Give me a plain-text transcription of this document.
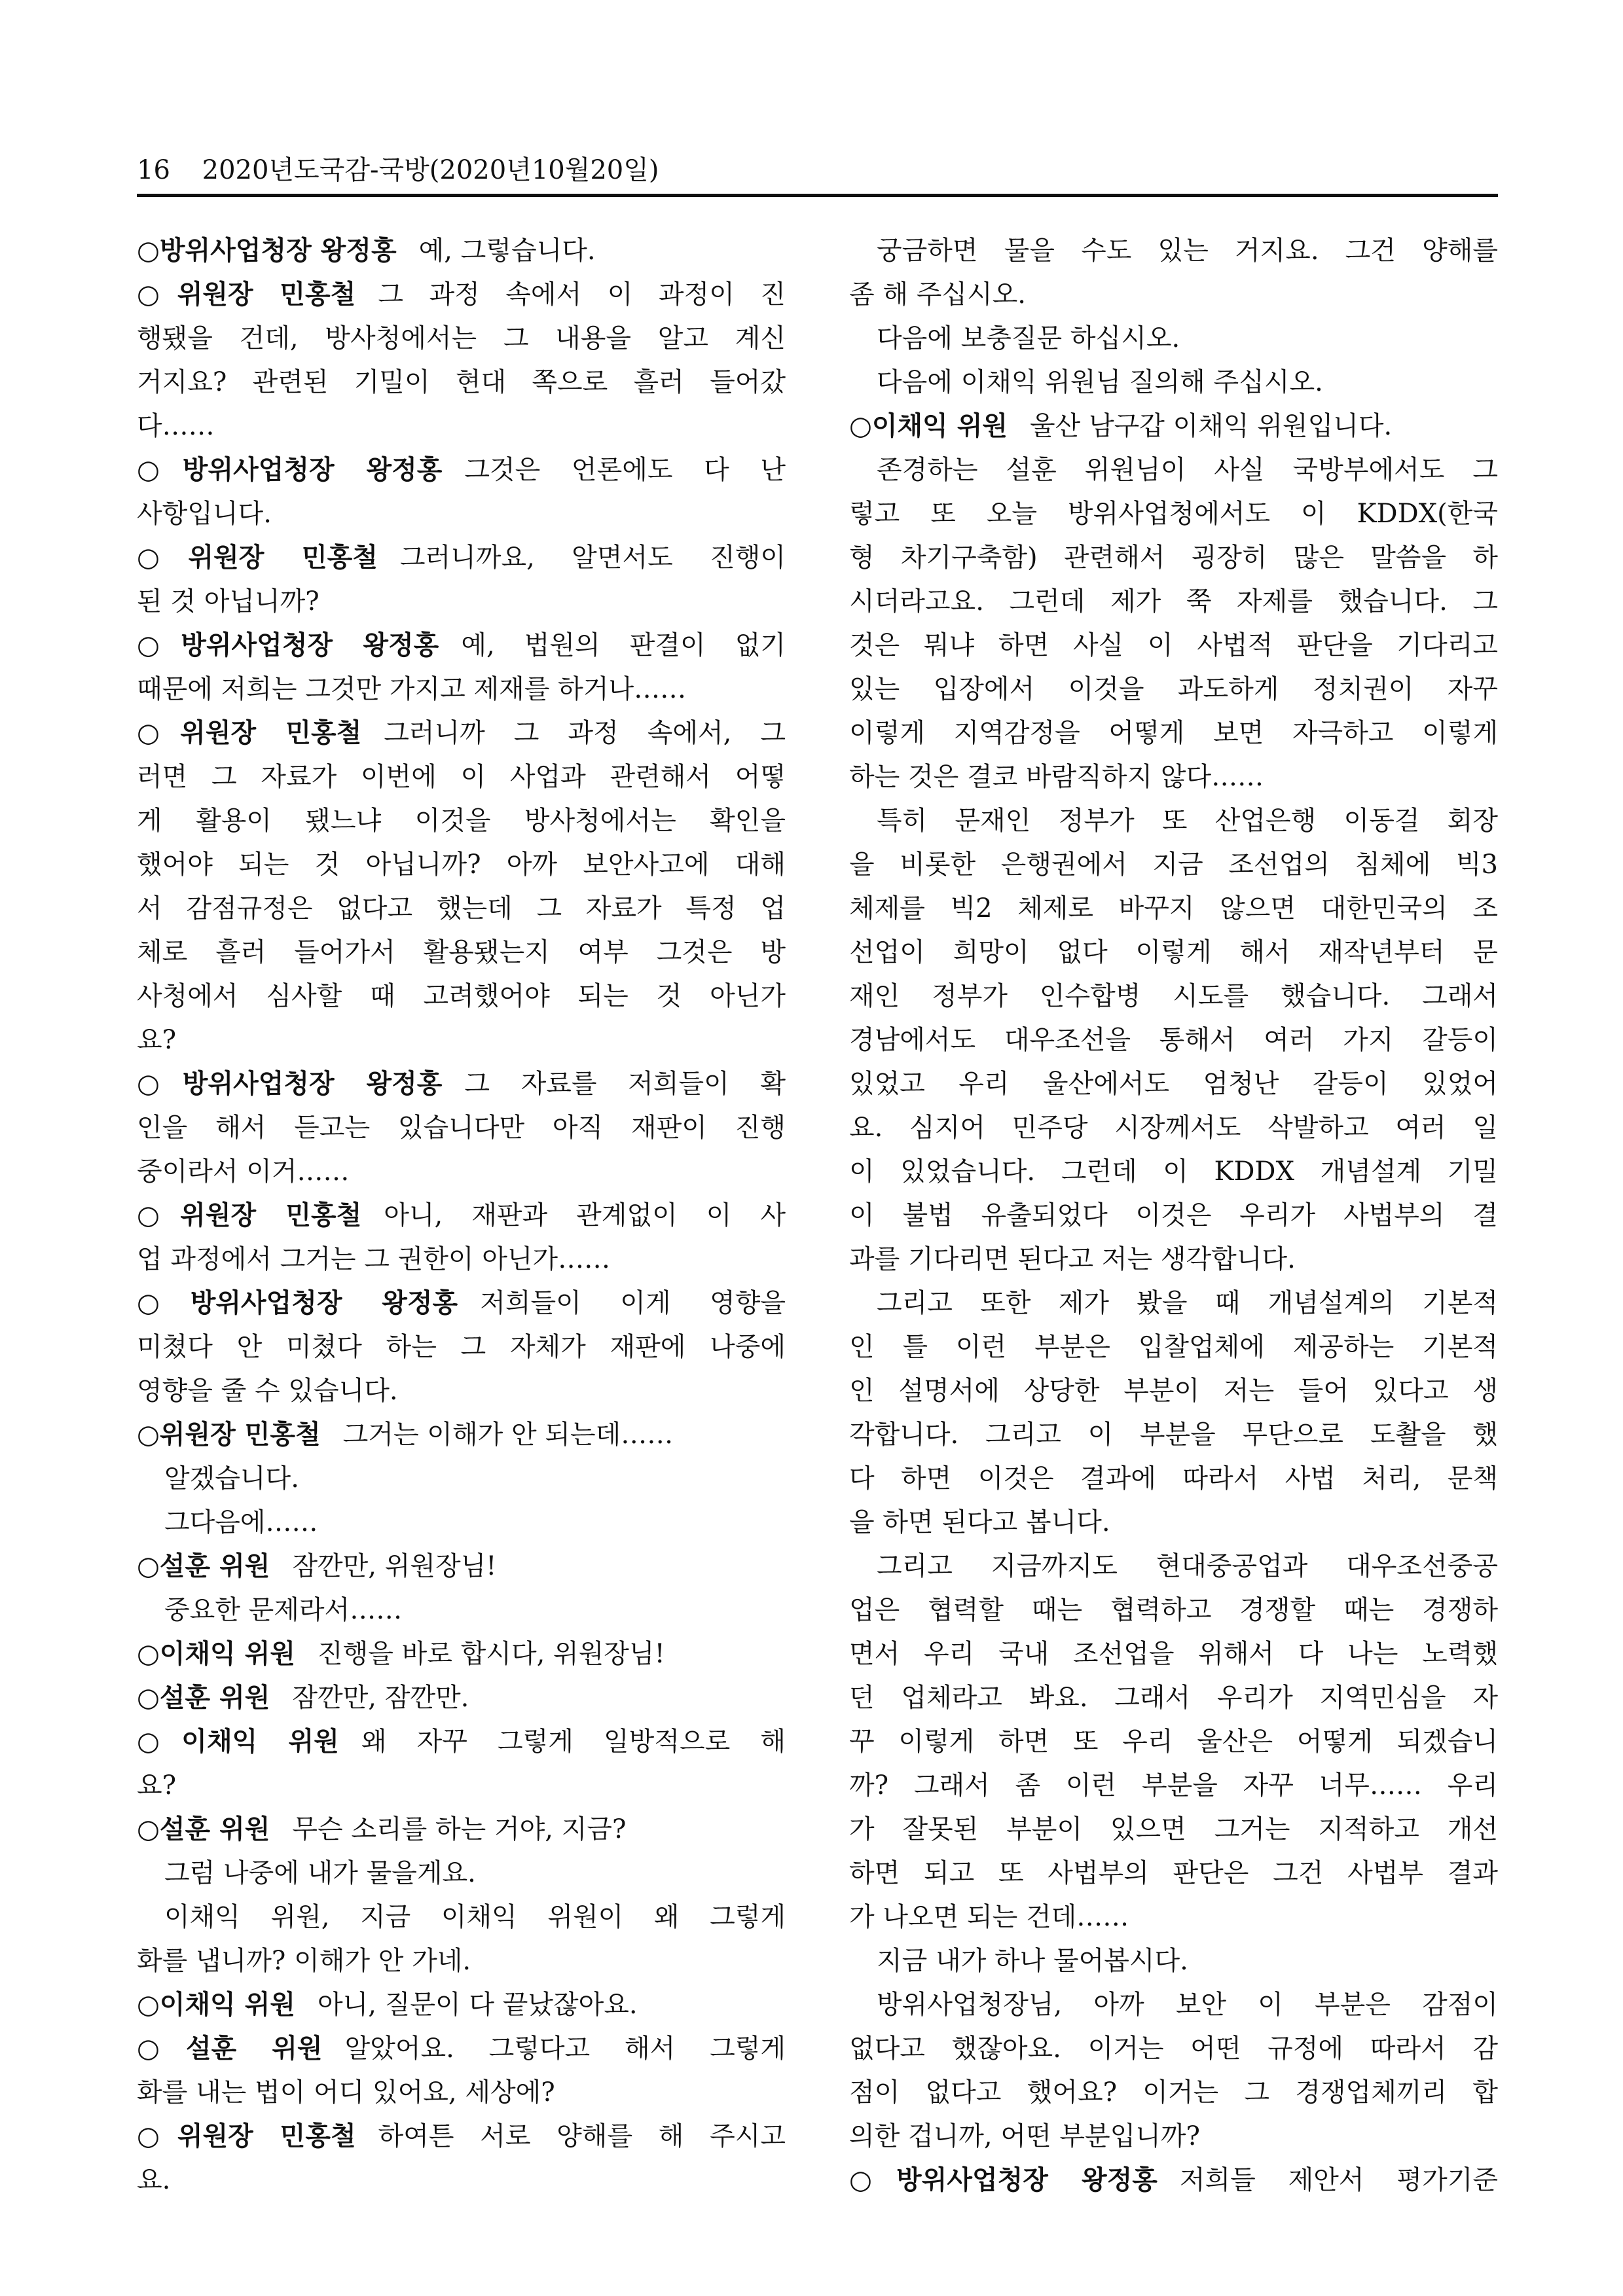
16 2020년도국감-국방(2020년10월20일)
○방위사업청장 왕정홍 예, 그렇습니다.
○위원장 민홍철 그 과정 속에서 이 과정이 진
행됐을 건데, 방사청에서는 그 내용을 알고 계신
거지요? 관련된 기밀이 현대 쪽으로 흘러 들어갔
다……
○방위사업청장 왕정홍 그것은 언론에도 다 난
사항입니다.
○위원장 민홍철 그러니까요, 알면서도 진행이
된 것 아닙니까?
○방위사업청장 왕정홍 예, 법원의 판결이 없기
때문에 저희는 그것만 가지고 제재를 하거나……
○위원장 민홍철 그러니까 그 과정 속에서, 그
러면 그 자료가 이번에 이 사업과 관련해서 어떻
게 활용이 됐느냐 이것을 방사청에서는 확인을
했어야 되는 것 아닙니까? 아까 보안사고에 대해
서 감점규정은 없다고 했는데 그 자료가 특정 업
체로 흘러 들어가서 활용됐는지 여부 그것은 방
사청에서 심사할 때 고려했어야 되는 것 아닌가
요?
○방위사업청장 왕정홍 그 자료를 저희들이 확
인을 해서 듣고는 있습니다만 아직 재판이 진행
중이라서 이거……
○위원장 민홍철 아니, 재판과 관계없이 이 사
업 과정에서 그거는 그 권한이 아닌가……
○방위사업청장 왕정홍 저희들이 이게 영향을
미쳤다 안 미쳤다 하는 그 자체가 재판에 나중에
영향을 줄 수 있습니다.
○위원장 민홍철 그거는 이해가 안 되는데……
알겠습니다.
그다음에……
○설훈 위원 잠깐만, 위원장님!
중요한 문제라서……
○이채익 위원 진행을 바로 합시다, 위원장님!
○설훈 위원 잠깐만, 잠깐만.
○이채익 위원 왜 자꾸 그렇게 일방적으로 해
요?
○설훈 위원 무슨 소리를 하는 거야, 지금?
그럼 나중에 내가 물을게요.
이채익 위원, 지금 이채익 위원이 왜 그렇게
화를 냅니까? 이해가 안 가네.
○이채익 위원 아니, 질문이 다 끝났잖아요.
○설훈 위원 알았어요. 그렇다고 해서 그렇게
화를 내는 법이 어디 있어요, 세상에?
○위원장 민홍철 하여튼 서로 양해를 해 주시고
요.
궁금하면 물을 수도 있는 거지요. 그건 양해를
좀 해 주십시오.
다음에 보충질문 하십시오.
다음에 이채익 위원님 질의해 주십시오.
○이채익 위원 울산 남구갑 이채익 위원입니다.
존경하는 설훈 위원님이 사실 국방부에서도 그
렇고 또 오늘 방위사업청에서도 이 KDDX(한국
형 차기구축함) 관련해서 굉장히 많은 말씀을 하
시더라고요. 그런데 제가 쭉 자제를 했습니다. 그
것은 뭐냐 하면 사실 이 사법적 판단을 기다리고
있는 입장에서 이것을 과도하게 정치권이 자꾸
이렇게 지역감정을 어떻게 보면 자극하고 이렇게
하는 것은 결코 바람직하지 않다……
특히 문재인 정부가 또 산업은행 이동걸 회장
을 비롯한 은행권에서 지금 조선업의 침체에 빅3
체제를 빅2 체제로 바꾸지 않으면 대한민국의 조
선업이 희망이 없다 이렇게 해서 재작년부터 문
재인 정부가 인수합병 시도를 했습니다. 그래서
경남에서도 대우조선을 통해서 여러 가지 갈등이
있었고 우리 울산에서도 엄청난 갈등이 있었어
요. 심지어 민주당 시장께서도 삭발하고 여러 일
이 있었습니다. 그런데 이 KDDX 개념설계 기밀
이 불법 유출되었다 이것은 우리가 사법부의 결
과를 기다리면 된다고 저는 생각합니다.
그리고 또한 제가 봤을 때 개념설계의 기본적
인 틀 이런 부분은 입찰업체에 제공하는 기본적
인 설명서에 상당한 부분이 저는 들어 있다고 생
각합니다. 그리고 이 부분을 무단으로 도촬을 했
다 하면 이것은 결과에 따라서 사법 처리, 문책
을 하면 된다고 봅니다.
그리고 지금까지도 현대중공업과 대우조선중공
업은 협력할 때는 협력하고 경쟁할 때는 경쟁하
면서 우리 국내 조선업을 위해서 다 나는 노력했
던 업체라고 봐요. 그래서 우리가 지역민심을 자
꾸 이렇게 하면 또 우리 울산은 어떻게 되겠습니
까? 그래서 좀 이런 부분을 자꾸 너무…… 우리
가 잘못된 부분이 있으면 그거는 지적하고 개선
하면 되고 또 사법부의 판단은 그건 사법부 결과
가 나오면 되는 건데……
지금 내가 하나 물어봅시다.
방위사업청장님, 아까 보안 이 부분은 감점이
없다고 했잖아요. 이거는 어떤 규정에 따라서 감
점이 없다고 했어요? 이거는 그 경쟁업체끼리 합
의한 겁니까, 어떤 부분입니까?
○방위사업청장 왕정홍 저희들 제안서 평가기준
